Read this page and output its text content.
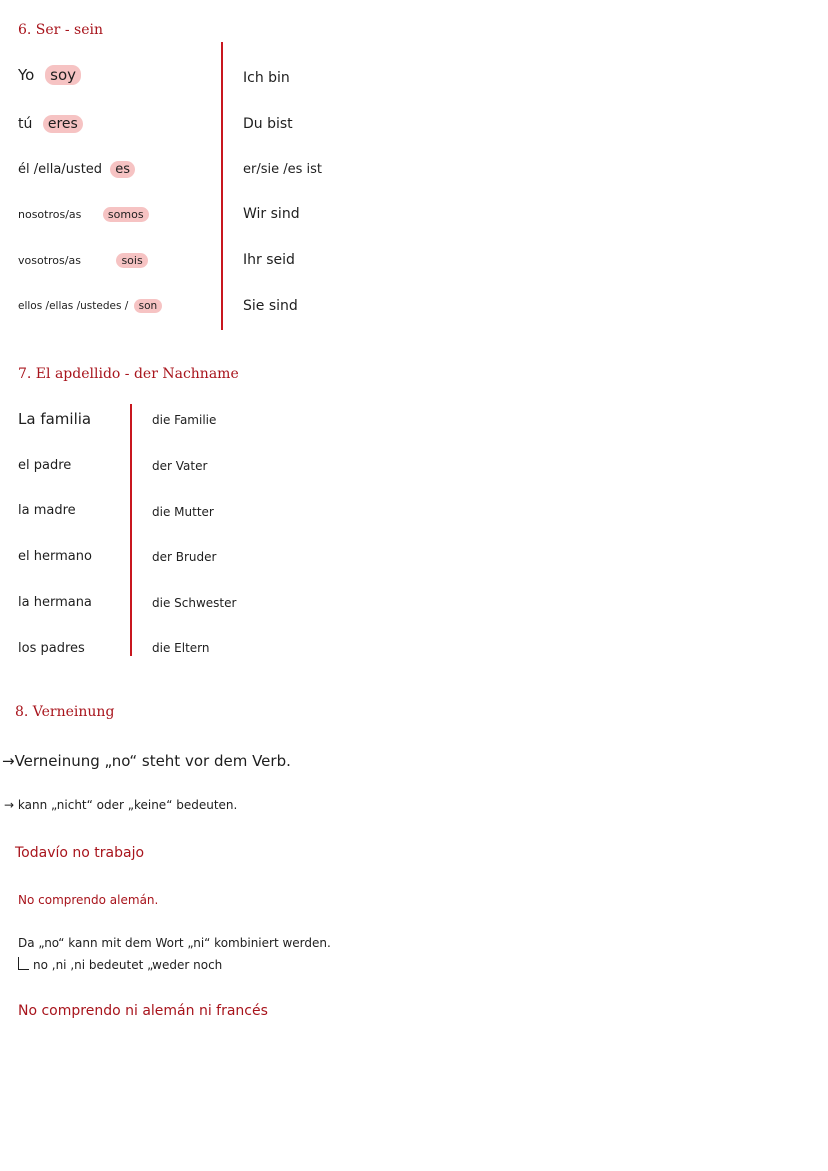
6. Ser - sein
Yo soy	Ich bin
tú eres	Du bist
él /ella/usted es	er/sie /es ist
nosotros/as somos	Wir sind
vosotros/as	sois	Ihr seid
ellos /ellas /ustedes / son	Sie sind
7. El apdellido - der Nachname
La familia	die Familie
el padre	der Vater
la madre	die Mutter
el hermano	der Bruder
la hermana	die Schwester
los padres	die Eltern
8. Verneinung
→Verneinung „no“ steht vor dem Verb.
→ kann „nicht“ oder „keine“ bedeuten.
Todavío no trabajo
No comprendo alemán.
Da „no“ kann mit dem Wort „ni“ kombiniert werden.
no ,ni ,ni bedeutet „weder noch
No comprendo ni alemán ni francés
